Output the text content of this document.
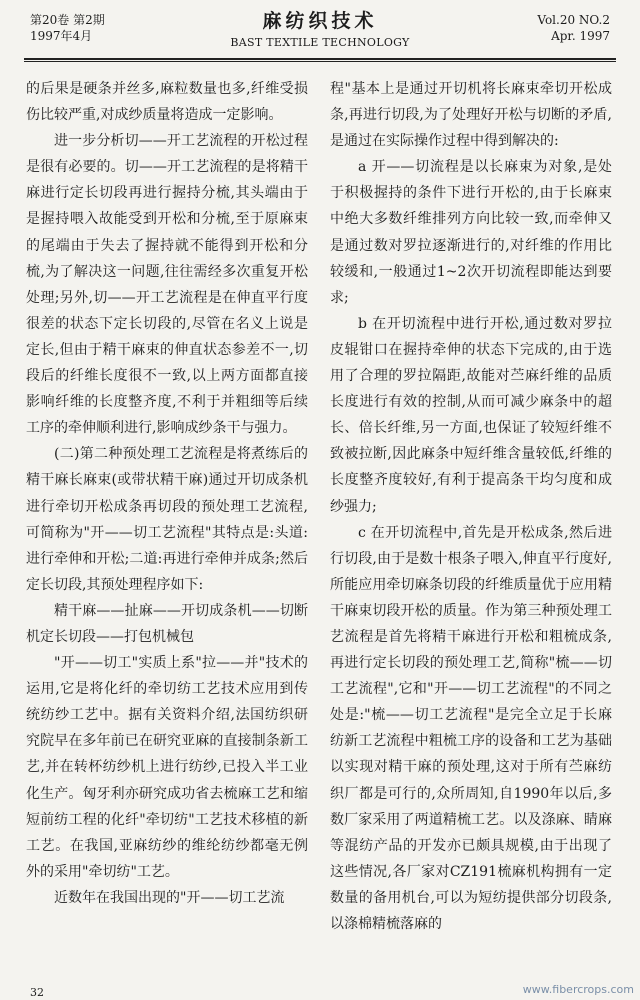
第20卷 第2期
1997年4月
麻纺织技术
BAST TEXTILE TECHNOLOGY
Vol.20 NO.2
Apr. 1997

的后果是硬条并丝多,麻粒数量也多,纤维受损伤比较严重,对成纱质量将造成一定影响。

进一步分析切——开工艺流程的开松过程是很有必要的。切——开工艺流程的是将精干麻进行定长切段再进行握持分梳,其头端由于是握持喂入故能受到开松和分梳,至于原麻束的尾端由于失去了握持就不能得到开松和分梳,为了解决这一问题,往往需经多次重复开松处理;另外,切——开工艺流程是在伸直平行度很差的状态下定长切段的,尽管在名义上说是定长,但由于精干麻束的伸直状态参差不一,切段后的纤维长度很不一致,以上两方面都直接影响纤维的长度整齐度,不利于并粗细等后续工序的牵伸顺利进行,影响成纱条干与强力。

(二)第二种预处理工艺流程是将煮练后的精干麻长麻束(或带状精干麻)通过开切成条机进行牵切开松成条再切段的预处理工艺流程,可简称为"开——切工艺流程"其特点是:头道:进行牵伸和开松;二道:再进行牵伸并成条;然后定长切段,其预处理程序如下:

精干麻——扯麻——开切成条机——切断机定长切段——打包机械包

"开——切工"实质上系"拉——并"技术的运用,它是将化纤的牵切纺工艺技术应用到传统纺纱工艺中。据有关资料介绍,法国纺织研究院早在多年前已在研究亚麻的直接制条新工艺,并在转杯纺纱机上进行纺纱,已投入半工业化生产。匈牙利亦研究成功省去梳麻工艺和缩短前纺工程的化纤"牵切纺"工艺技术移植的新工艺。在我国,亚麻纺纱的维纶纺纱都毫无例外的采用"牵切纺"工艺。

近数年在我国出现的"开——切工艺流

程"基本上是通过开切机将长麻束牵切开松成条,再进行切段,为了处理好开松与切断的矛盾,是通过在实际操作过程中得到解决的:

a 开——切流程是以长麻束为对象,是处于积极握持的条件下进行开松的,由于长麻束中绝大多数纤维排列方向比较一致,而牵伸又是通过数对罗拉逐渐进行的,对纤维的作用比较缓和,一般通过1~2次开切流程即能达到要求;

b 在开切流程中进行开松,通过数对罗拉皮辊钳口在握持牵伸的状态下完成的,由于选用了合理的罗拉隔距,故能对苎麻纤维的品质长度进行有效的控制,从而可减少麻条中的超长、倍长纤维,另一方面,也保证了较短纤维不致被拉断,因此麻条中短纤维含量较低,纤维的长度整齐度较好,有利于提高条干均匀度和成纱强力;

c 在开切流程中,首先是开松成条,然后进行切段,由于是数十根条子喂入,伸直平行度好,所能应用牵切麻条切段的纤维质量优于应用精干麻束切段开松的质量。作为第三种预处理工艺流程是首先将精干麻进行开松和粗梳成条,再进行定长切段的预处理工艺,简称"梳——切工艺流程",它和"开——切工艺流程"的不同之处是:"梳——切工艺流程"是完全立足于长麻纺新工艺流程中粗梳工序的设备和工艺为基础以实现对精干麻的预处理,这对于所有苎麻纺织厂都是可行的,众所周知,自1990年以后,多数厂家采用了两道精梳工艺。以及涤麻、睛麻等混纺产品的开发亦已颇具规模,由于出现了这些情况,各厂家对CZ191梳麻机构拥有一定数量的备用机台,可以为短纺提供部分切段条,以涤棉精梳落麻的

32	www.fibercrops.com
